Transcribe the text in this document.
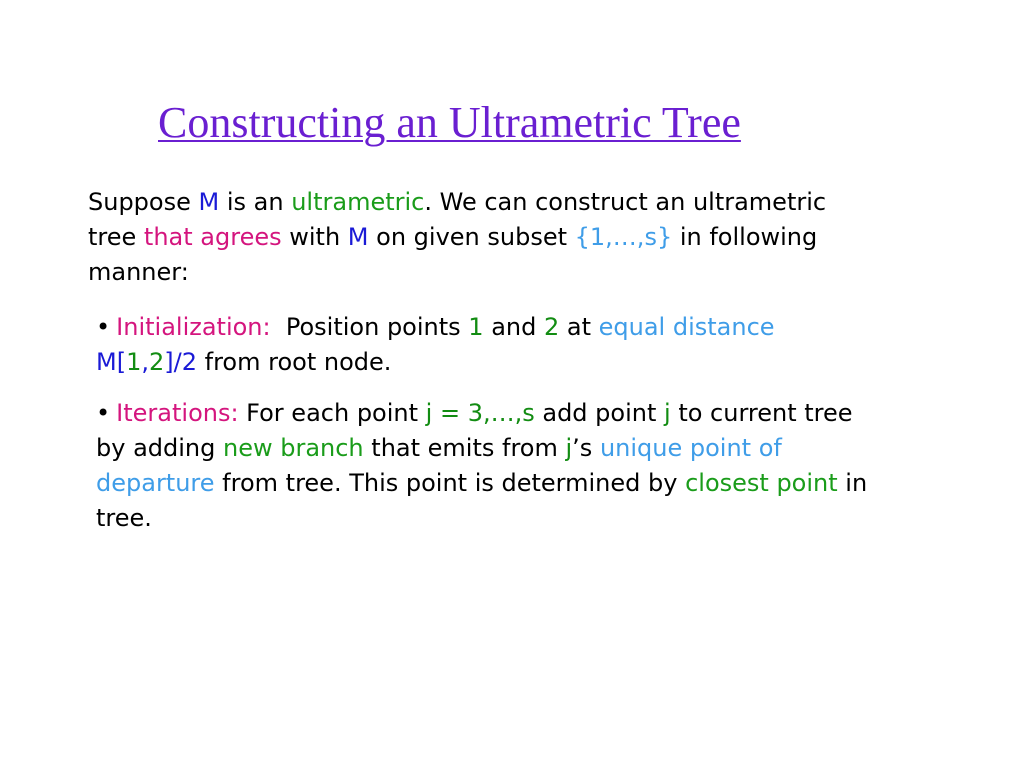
Constructing an Ultrametric Tree

Suppose M is an ultrametric. We can construct an ultrametric tree that agrees with M on given subset {1,…,s} in following manner:

• Initialization:  Position points 1 and 2 at equal distance M[1,2]/2 from root node.

• Iterations: For each point j = 3,…,s add point j to current tree by adding new branch that emits from j’s unique point of departure from tree. This point is determined by closest point in tree.
